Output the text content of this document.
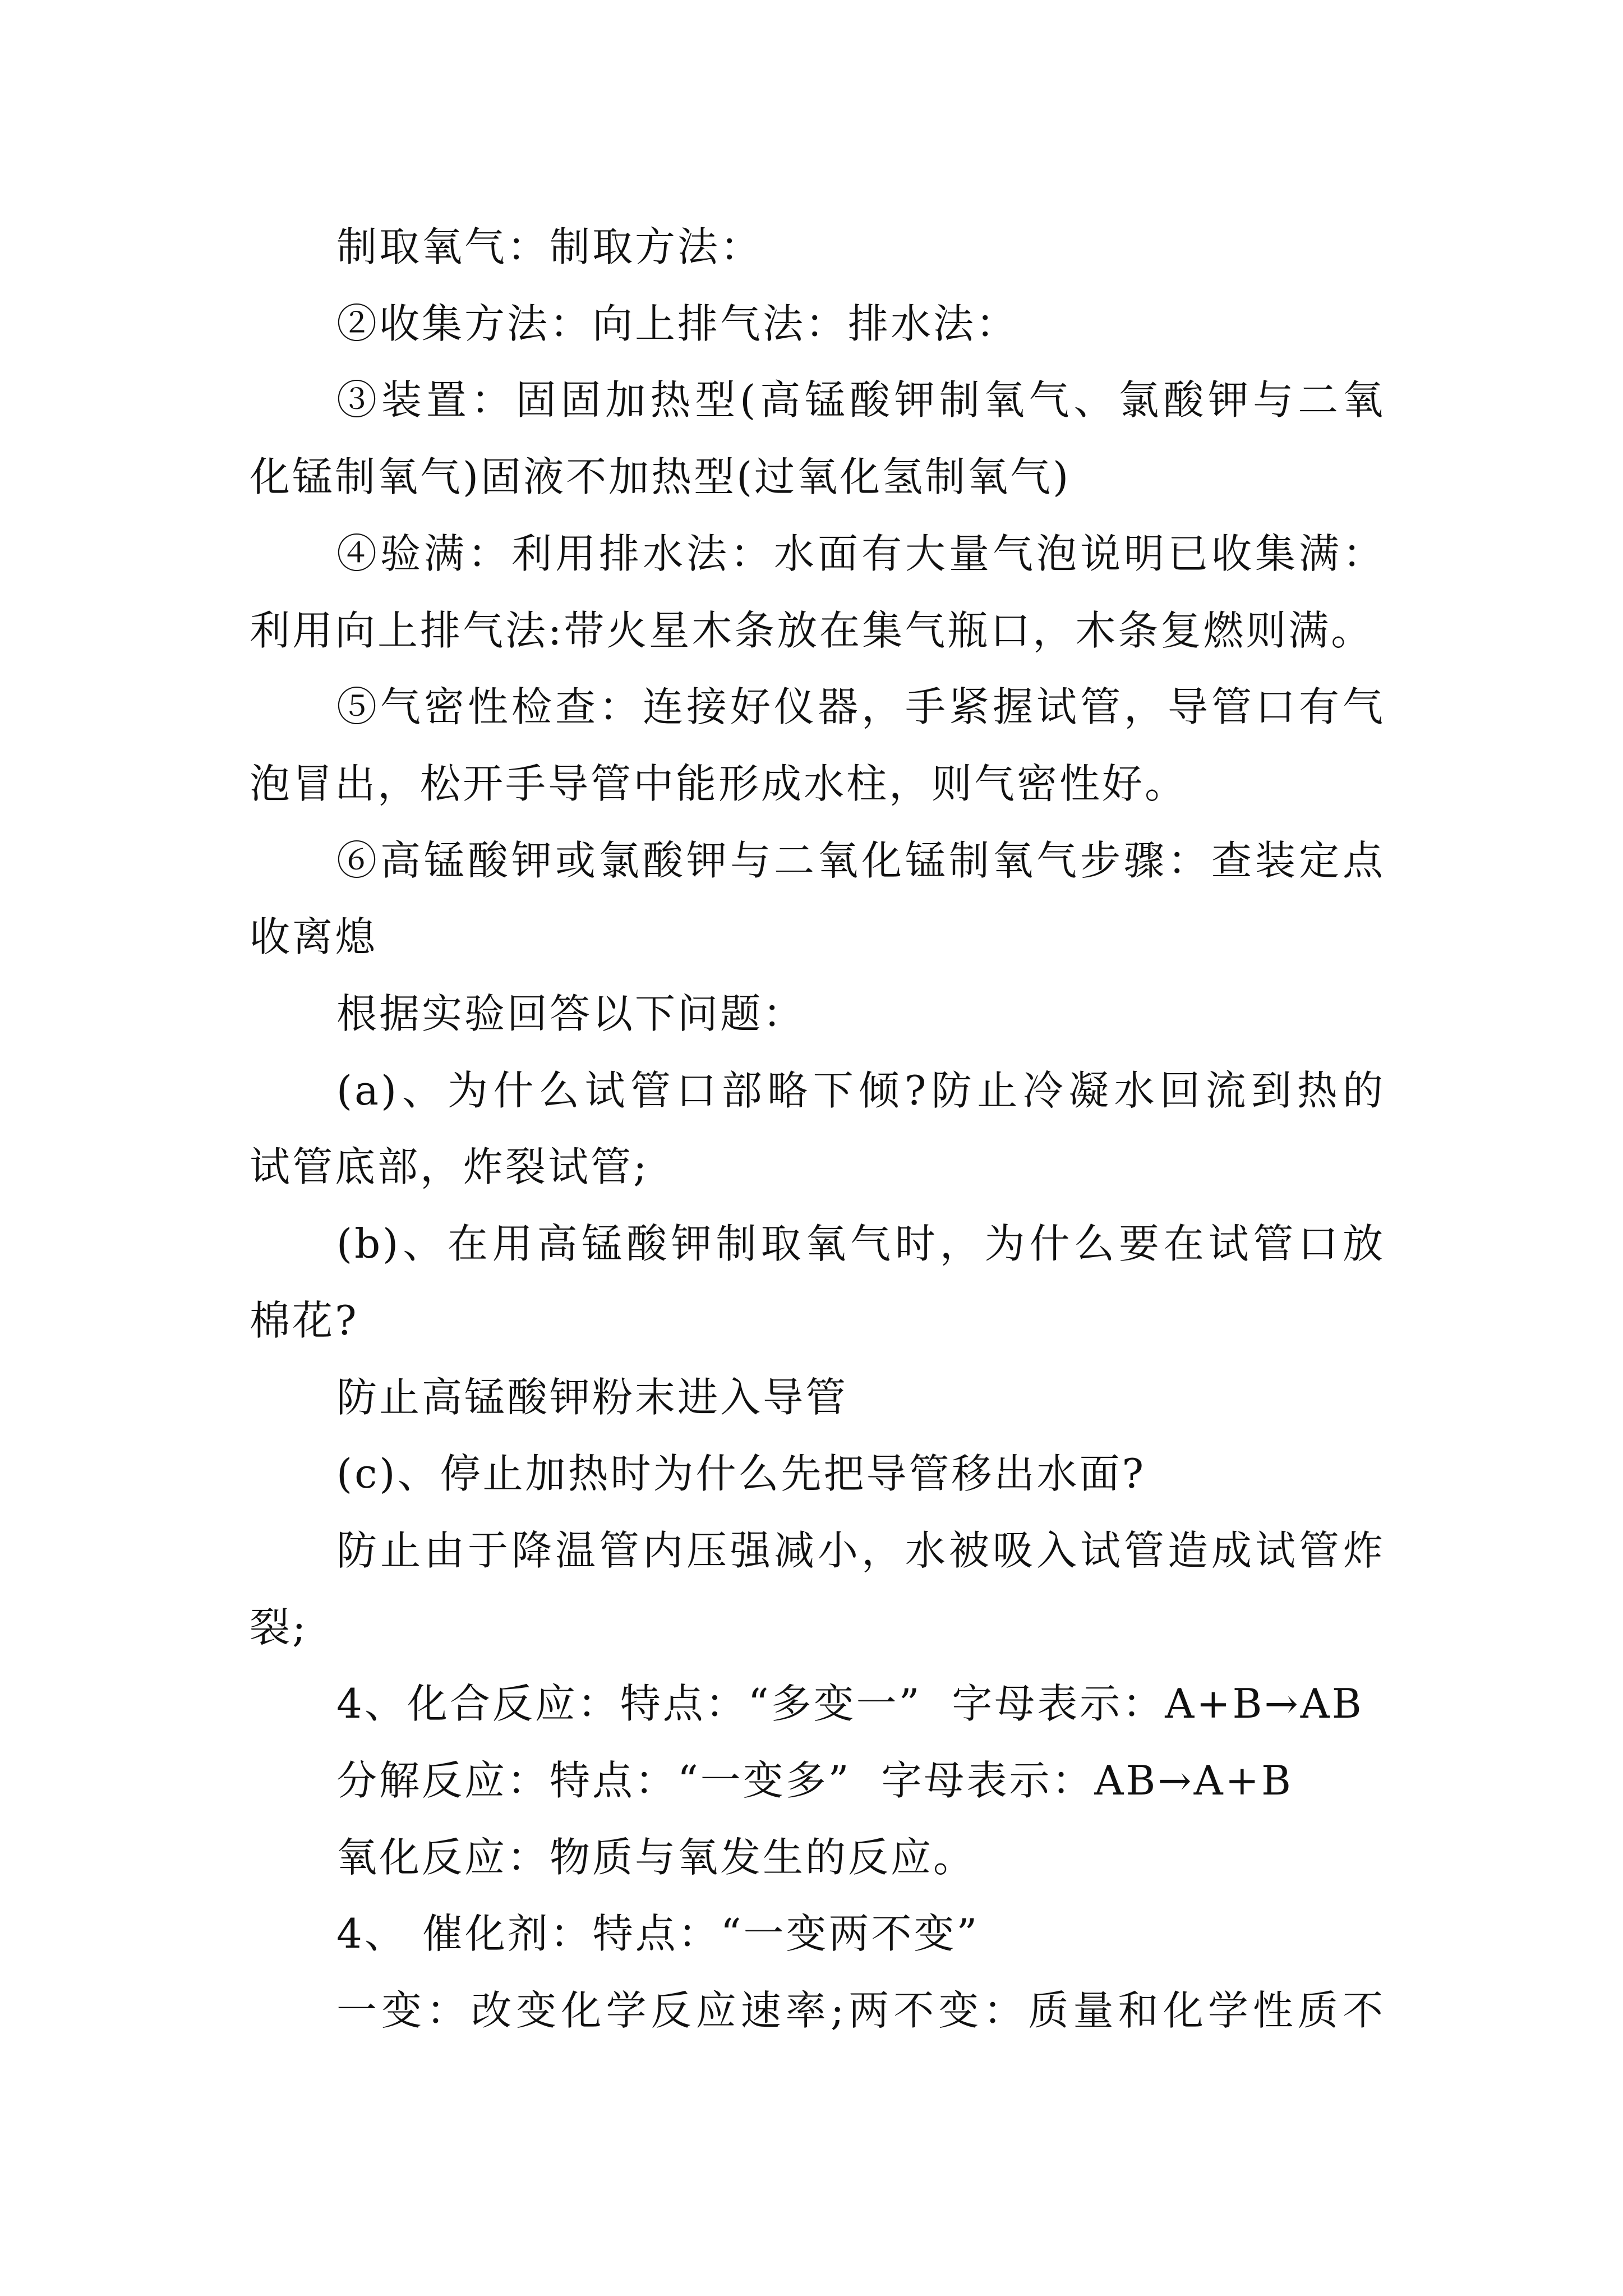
制取氧气：制取方法：
②收集方法：向上排气法：排水法：
③装置：固固加热型(高锰酸钾制氧气、氯酸钾与二氧
化锰制氧气)固液不加热型(过氧化氢制氧气)
④验满：利用排水法：水面有大量气泡说明已收集满：
利用向上排气法:带火星木条放在集气瓶口，木条复燃则满。
⑤气密性检查：连接好仪器，手紧握试管，导管口有气
泡冒出，松开手导管中能形成水柱，则气密性好。
⑥高锰酸钾或氯酸钾与二氧化锰制氧气步骤：查装定点
收离熄
根据实验回答以下问题：
(a)、为什么试管口部略下倾?防止冷凝水回流到热的
试管底部，炸裂试管;
(b)、在用高锰酸钾制取氧气时，为什么要在试管口放
棉花?
防止高锰酸钾粉末进入导管
(c)、停止加热时为什么先把导管移出水面?
防止由于降温管内压强减小，水被吸入试管造成试管炸
裂;
4、化合反应：特点：“多变一”  字母表示：A+B→AB
分解反应：特点：“一变多”  字母表示：AB→A+B
氧化反应：物质与氧发生的反应。
4、 催化剂：特点：“一变两不变”
一变：改变化学反应速率;两不变：质量和化学性质不
